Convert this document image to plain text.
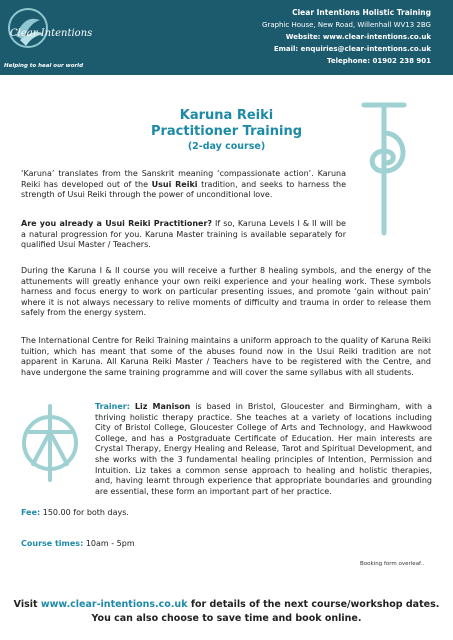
Clear Intentions
Helping to heal our world
Clear Intentions Holistic Training
Graphic House, New Road, Willenhall WV13 2BG
Website: www.clear-intentions.co.uk
Email: enquiries@clear-intentions.co.uk
Telephone: 01902 238 901
Karuna Reiki
Practitioner Training
(2-day course)
‘Karuna’ translates from the Sanskrit meaning ‘compassionate action’. Karuna Reiki has developed out of the Usui Reiki tradition, and seeks to harness the strength of Usui Reiki through the power of unconditional love.
Are you already a Usui Reiki Practitioner? If so, Karuna Levels I & II will be a natural progression for you. Karuna Master training is available separately for qualified Usui Master / Teachers.
During the Karuna I & II course you will receive a further 8 healing symbols, and the energy of the attunements will greatly enhance your own reiki experience and your healing work. These symbols harness and focus energy to work on particular presenting issues, and promote ‘gain without pain’ where it is not always necessary to relive moments of difficulty and trauma in order to release them safely from the energy system.
The International Centre for Reiki Training maintains a uniform approach to the quality of Karuna Reiki tuition, which has meant that some of the abuses found now in the Usui Reiki tradition are not apparent in Karuna. All Karuna Reiki Master / Teachers have to be registered with the Centre, and have undergone the same training programme and will cover the same syllabus with all students.
Trainer: Liz Manison is based in Bristol, Gloucester and Birmingham, with a thriving holistic therapy practice. She teaches at a variety of locations including City of Bristol College, Gloucester College of Arts and Technology, and Hawkwood College, and has a Postgraduate Certificate of Education. Her main interests are Crystal Therapy, Energy Healing and Release, Tarot and Spiritual Development, and she works with the 3 fundamental healing principles of Intention, Permission and Intuition. Liz takes a common sense approach to healing and holistic therapies, and, having learnt through experience that appropriate boundaries and grounding are essential, these form an important part of her practice.
Fee: 150.00 for both days.
Course times: 10am - 5pm
Booking form overleaf..
Visit www.clear-intentions.co.uk for details of the next course/workshop dates.
You can also choose to save time and book online.
